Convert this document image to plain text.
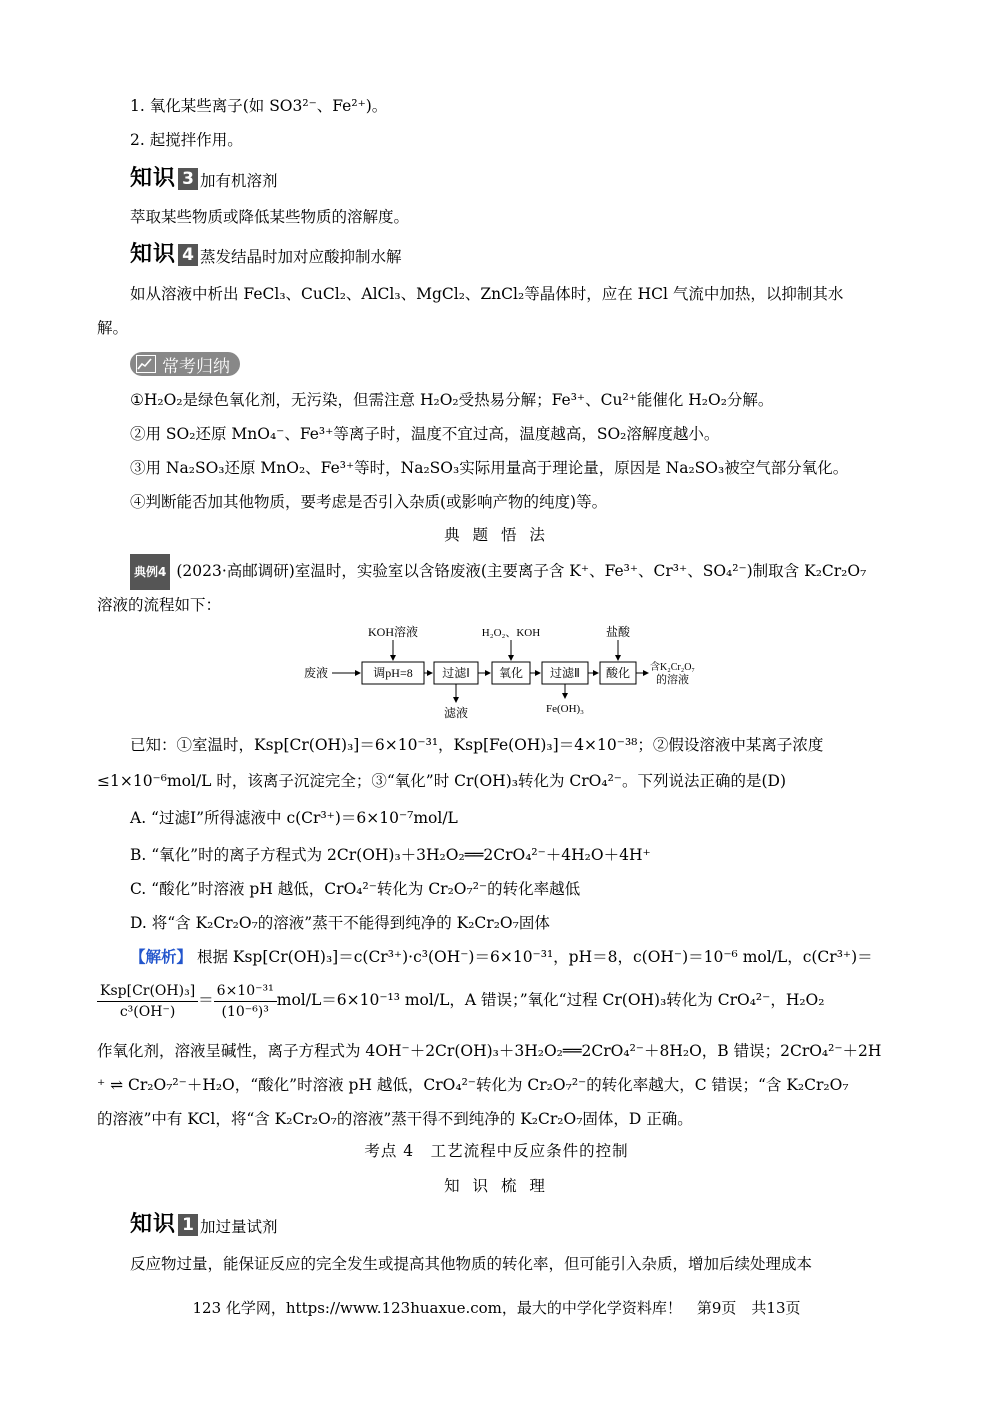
1. 氧化某些离子(如 SO3²⁻、Fe²⁺)。
2. 起搅拌作用。
知识 3 加有机溶剂
萃取某些物质或降低某些物质的溶解度。
知识 4 蒸发结晶时加对应酸抑制水解
如从溶液中析出 FeCl₃、CuCl₂、AlCl₃、MgCl₂、ZnCl₂等晶体时，应在 HCl 气流中加热，以抑制其水
解。
常考归纳
①H₂O₂是绿色氧化剂，无污染，但需注意 H₂O₂受热易分解；Fe³⁺、Cu²⁺能催化 H₂O₂分解。
②用 SO₂还原 MnO₄⁻、Fe³⁺等离子时，温度不宜过高，温度越高，SO₂溶解度越小。
③用 Na₂SO₃还原 MnO₂、Fe³⁺等时，Na₂SO₃实际用量高于理论量，原因是 Na₂SO₃被空气部分氧化。
④判断能否加其他物质，要考虑是否引入杂质(或影响产物的纯度)等。
典 题 悟 法
典例4 (2023·高邮调研)室温时，实验室以含铬废液(主要离子含 K⁺、Fe³⁺、Cr³⁺、SO₄²⁻)制取含 K₂Cr₂O₇
溶液的流程如下：
废液	调pH=8 过滤Ⅰ 氧化 过滤Ⅱ 酸化 含K₂Cr₂O₇
的溶液
KOH溶液	H₂O₂、KOH	盐酸
滤液	Fe(OH)₃
已知：①室温时，Ksp[Cr(OH)₃]＝6×10⁻³¹，Ksp[Fe(OH)₃]＝4×10⁻³⁸；②假设溶液中某离子浓度
≤1×10⁻⁶mol/L 时，该离子沉淀完全；③“氧化”时 Cr(OH)₃转化为 CrO₄²⁻。下列说法正确的是(D)
A. “过滤Ⅰ”所得滤液中 c(Cr³⁺)＝6×10⁻⁷mol/L
B. “氧化”时的离子方程式为 2Cr(OH)₃＋3H₂O₂══2CrO₄²⁻＋4H₂O＋4H⁺
C. “酸化”时溶液 pH 越低，CrO₄²⁻转化为 Cr₂O₇²⁻的转化率越低
D. 将“含 K₂Cr₂O₇的溶液”蒸干不能得到纯净的 K₂Cr₂O₇固体
【解析】 根据 Ksp[Cr(OH)₃]＝c(Cr³⁺)·c³(OH⁻)＝6×10⁻³¹，pH＝8，c(OH⁻)＝10⁻⁶ mol/L，c(Cr³⁺)＝
$\frac{\text{Ksp[Cr(OH)₃]}}{\text{c³(OH⁻)}} = \frac{\text{6×10⁻³¹}}{\text{(10⁻⁶)³}} mol/L=6\times 10^{-13}$ mol/L，A 错误；”氧化“过程 Cr(OH)₃转化为 CrO₄²⁻，H₂O₂
作氧化剂，溶液呈碱性，离子方程式为 4OH⁻＋2Cr(OH)₃＋3H₂O₂══2CrO₄²⁻＋8H₂O，B 错误；2CrO₄²⁻＋2H
⁺ ⇌ Cr₂O₇²⁻＋H₂O，“酸化”时溶液 pH 越低，CrO₄²⁻转化为 Cr₂O₇²⁻的转化率越大，C 错误；“含 K₂Cr₂O₇
的溶液”中有 KCl，将“含 K₂Cr₂O₇的溶液”蒸干得不到纯净的 K₂Cr₂O₇固体，D 正确。
考点 4　工艺流程中反应条件的控制
知 识 梳 理
知识 1 加过量试剂
反应物过量，能保证反应的完全发生或提高其他物质的转化率，但可能引入杂质，增加后续处理成本
123 化学网，https://www.123huaxue.com，最大的中学化学资料库！　第9页　共13页
